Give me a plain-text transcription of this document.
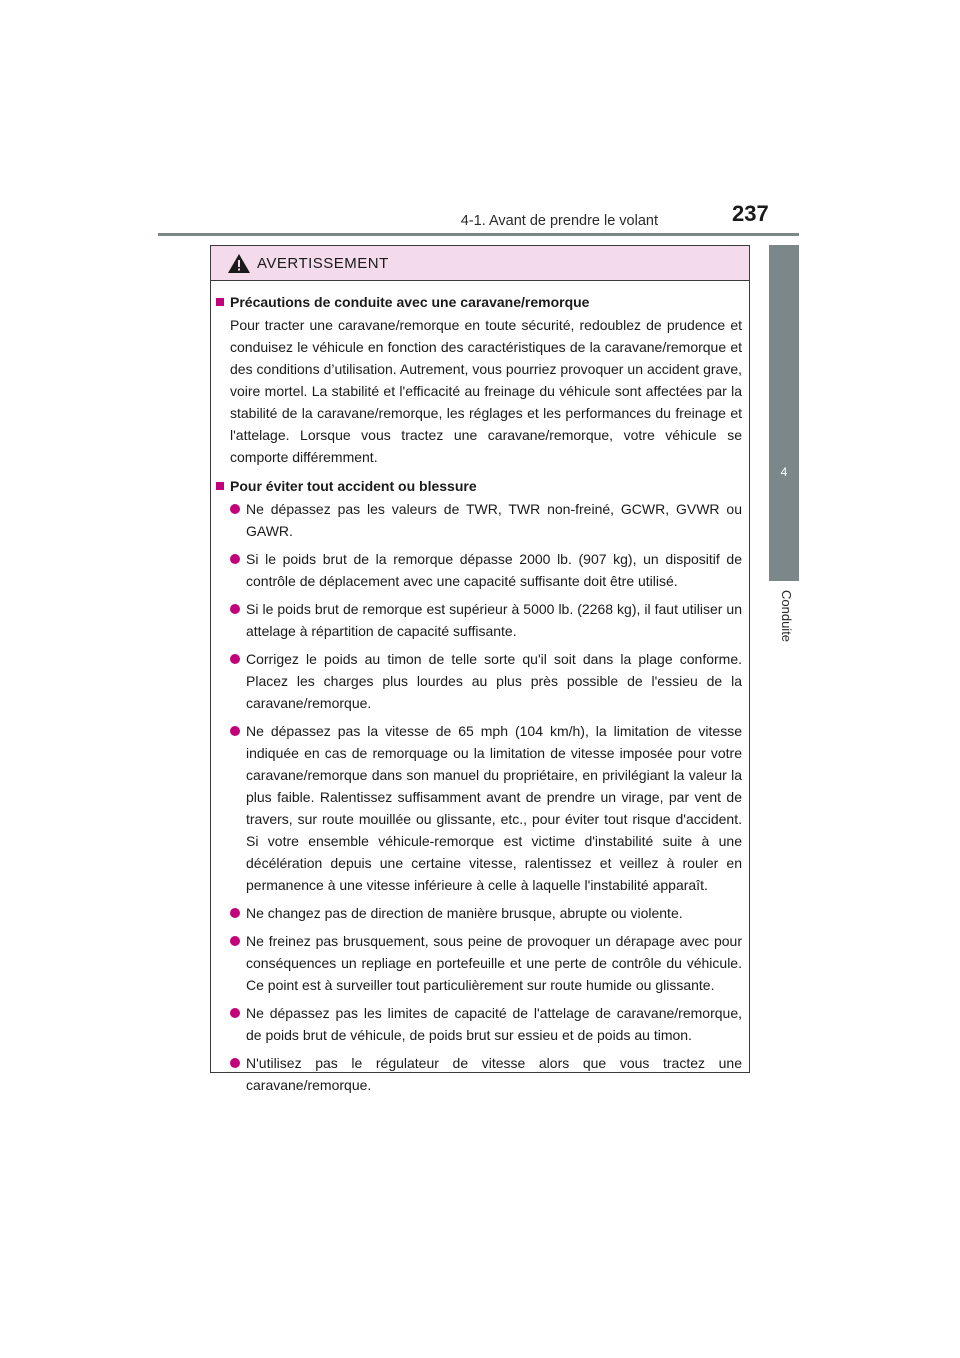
4-1. Avant de prendre le volant	237
4
Conduite
AVERTISSEMENT
Précautions de conduite avec une caravane/remorque
Pour tracter une caravane/remorque en toute sécurité, redoublez de prudence et conduisez le véhicule en fonction des caractéristiques de la caravane/remorque et des conditions d’utilisation. Autrement, vous pourriez provoquer un accident grave, voire mortel. La stabilité et l'efficacité au freinage du véhicule sont affectées par la stabilité de la caravane/remorque, les réglages et les performances du freinage et l'attelage. Lorsque vous tractez une caravane/remorque, votre véhicule se comporte différemment.
Pour éviter tout accident ou blessure
Ne dépassez pas les valeurs de TWR, TWR non-freiné, GCWR, GVWR ou GAWR.
Si le poids brut de la remorque dépasse 2000 lb. (907 kg), un dispositif de contrôle de déplacement avec une capacité suffisante doit être utilisé.
Si le poids brut de remorque est supérieur à 5000 lb. (2268 kg), il faut utiliser un attelage à répartition de capacité suffisante.
Corrigez le poids au timon de telle sorte qu'il soit dans la plage conforme. Placez les charges plus lourdes au plus près possible de l'essieu de la caravane/remorque.
Ne dépassez pas la vitesse de 65 mph (104 km/h), la limitation de vitesse indiquée en cas de remorquage ou la limitation de vitesse imposée pour votre caravane/remorque dans son manuel du propriétaire, en privilégiant la valeur la plus faible. Ralentissez suffisamment avant de prendre un virage, par vent de travers, sur route mouillée ou glissante, etc., pour éviter tout risque d'accident. Si votre ensemble véhicule-remorque est victime d'instabilité suite à une décélération depuis une certaine vitesse, ralentissez et veillez à rouler en permanence à une vitesse inférieure à celle à laquelle l'instabilité apparaît.
Ne changez pas de direction de manière brusque, abrupte ou violente.
Ne freinez pas brusquement, sous peine de provoquer un dérapage avec pour conséquences un repliage en portefeuille et une perte de contrôle du véhicule. Ce point est à surveiller tout particulièrement sur route humide ou glissante.
Ne dépassez pas les limites de capacité de l'attelage de caravane/remorque, de poids brut de véhicule, de poids brut sur essieu et de poids au timon.
N'utilisez pas le régulateur de vitesse alors que vous tractez une caravane/remorque.
